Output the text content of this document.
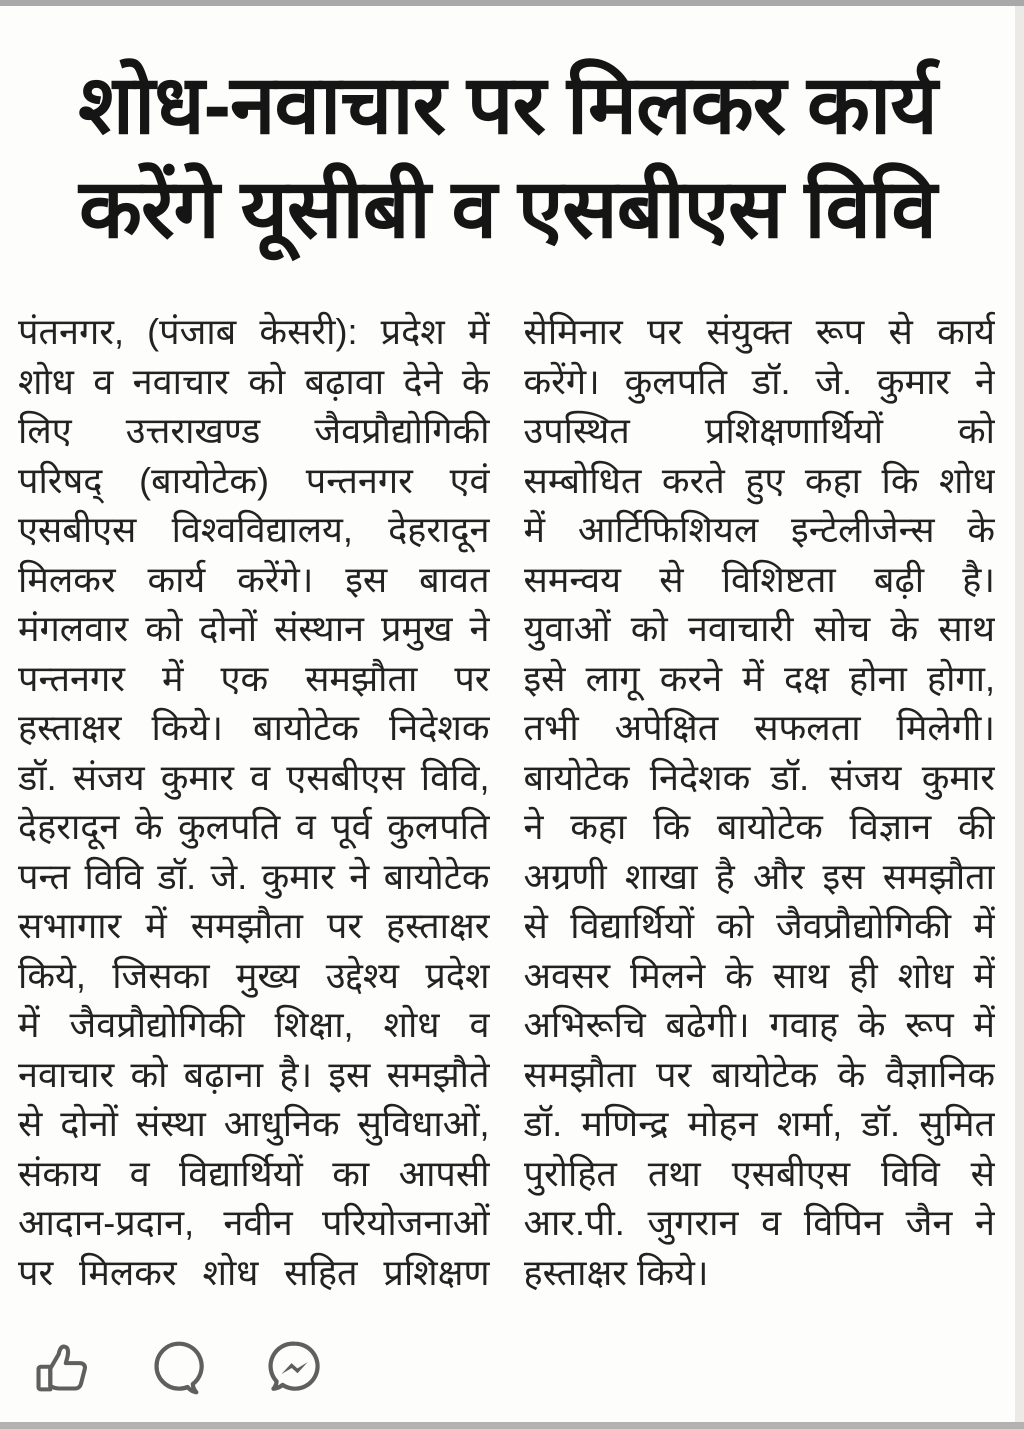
शोध-नवाचार पर मिलकर कार्य
करेंगे यूसीबी व एसबीएस विवि
पंतनगर, (पंजाब केसरी): प्रदेश में
शोध व नवाचार को बढ़ावा देने के
लिए उत्तराखण्ड जैवप्रौद्योगिकी
परिषद् (बायोटेक) पन्तनगर एवं
एसबीएस विश्वविद्यालय, देहरादून
मिलकर कार्य करेंगे। इस बावत
मंगलवार को दोनों संस्थान प्रमुख ने
पन्तनगर में एक समझौता पर
हस्ताक्षर किये। बायोटेक निदेशक
डॉ. संजय कुमार व एसबीएस विवि,
देहरादून के कुलपति व पूर्व कुलपति
पन्त विवि डॉ. जे. कुमार ने बायोटेक
सभागार में समझौता पर हस्ताक्षर
किये, जिसका मुख्य उद्देश्य प्रदेश
में जैवप्रौद्योगिकी शिक्षा, शोध व
नवाचार को बढ़ाना है। इस समझौते
से दोनों संस्था आधुनिक सुविधाओं,
संकाय व विद्यार्थियों का आपसी
आदान-प्रदान, नवीन परियोजनाओं
पर मिलकर शोध सहित प्रशिक्षण
सेमिनार पर संयुक्त रूप से कार्य
करेंगे। कुलपति डॉ. जे. कुमार ने
उपस्थित प्रशिक्षणार्थियों को
सम्बोधित करते हुए कहा कि शोध
में आर्टिफिशियल इन्टेलीजेन्स के
समन्वय से विशिष्टता बढ़ी है।
युवाओं को नवाचारी सोच के साथ
इसे लागू करने में दक्ष होना होगा,
तभी अपेक्षित सफलता मिलेगी।
बायोटेक निदेशक डॉ. संजय कुमार
ने कहा कि बायोटेक विज्ञान की
अग्रणी शाखा है और इस समझौता
से विद्यार्थियों को जैवप्रौद्योगिकी में
अवसर मिलने के साथ ही शोध में
अभिरूचि बढेगी। गवाह के रूप में
समझौता पर बायोटेक के वैज्ञानिक
डॉ. मणिन्द्र मोहन शर्मा, डॉ. सुमित
पुरोहित तथा एसबीएस विवि से
आर.पी. जुगरान व विपिन जैन ने
हस्ताक्षर किये।
